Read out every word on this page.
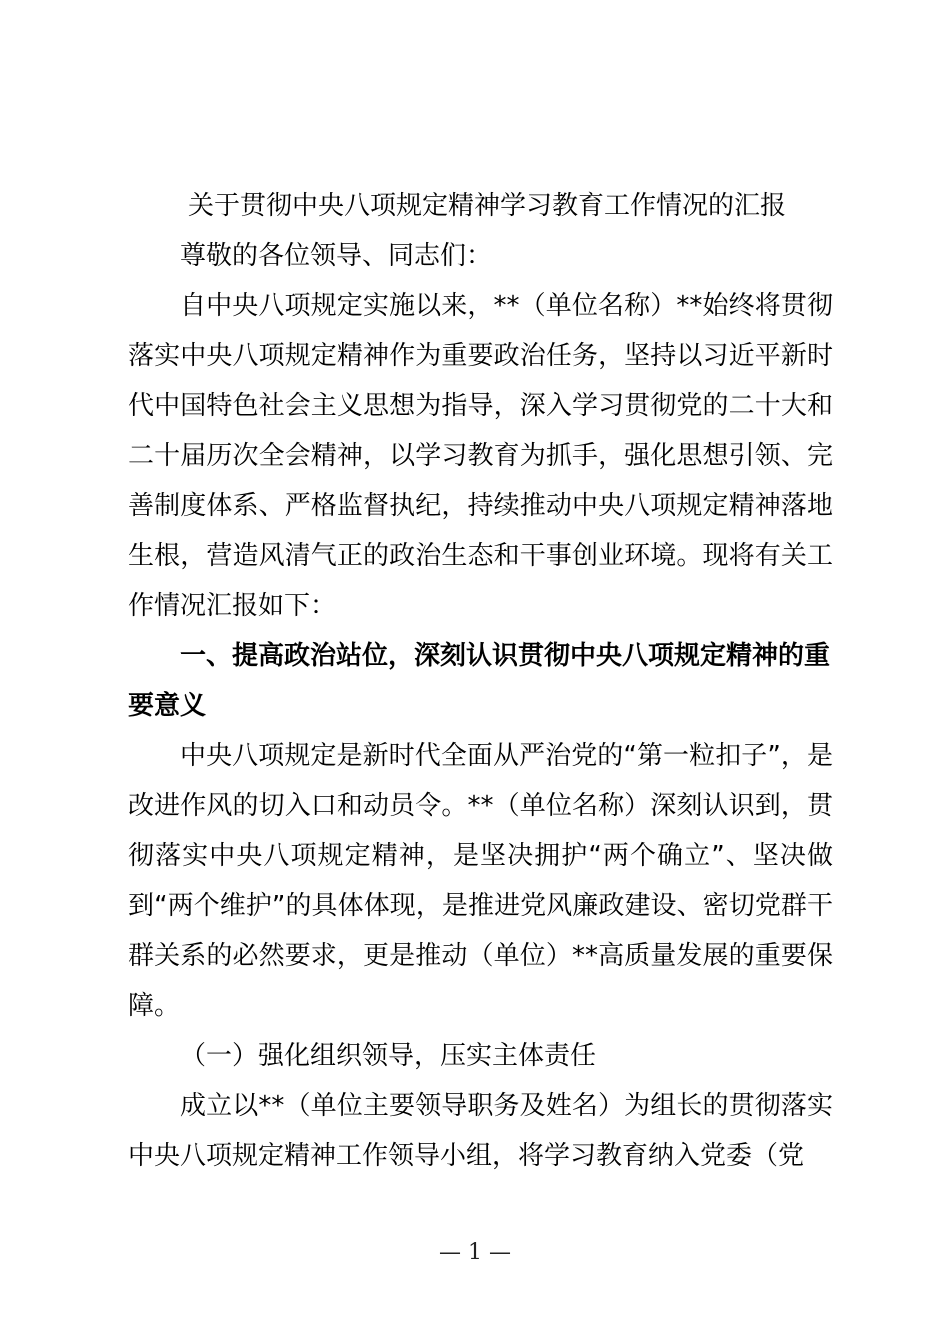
关于贯彻中央八项规定精神学习教育工作情况的汇报

尊敬的各位领导、同志们：

自中央八项规定实施以来，**（单位名称）**始终将贯彻落实中央八项规定精神作为重要政治任务，坚持以习近平新时代中国特色社会主义思想为指导，深入学习贯彻党的二十大和二十届历次全会精神，以学习教育为抓手，强化思想引领、完善制度体系、严格监督执纪，持续推动中央八项规定精神落地生根，营造风清气正的政治生态和干事创业环境。现将有关工作情况汇报如下：

一、提高政治站位，深刻认识贯彻中央八项规定精神的重要意义

中央八项规定是新时代全面从严治党的“第一粒扣子”，是改进作风的切入口和动员令。**（单位名称）深刻认识到，贯彻落实中央八项规定精神，是坚决拥护“两个确立”、坚决做到“两个维护”的具体体现，是推进党风廉政建设、密切党群干群关系的必然要求，更是推动（单位）**高质量发展的重要保障。

（一）强化组织领导，压实主体责任

成立以**（单位主要领导职务及姓名）为组长的贯彻落实中央八项规定精神工作领导小组，将学习教育纳入党委（党

— 1 —
